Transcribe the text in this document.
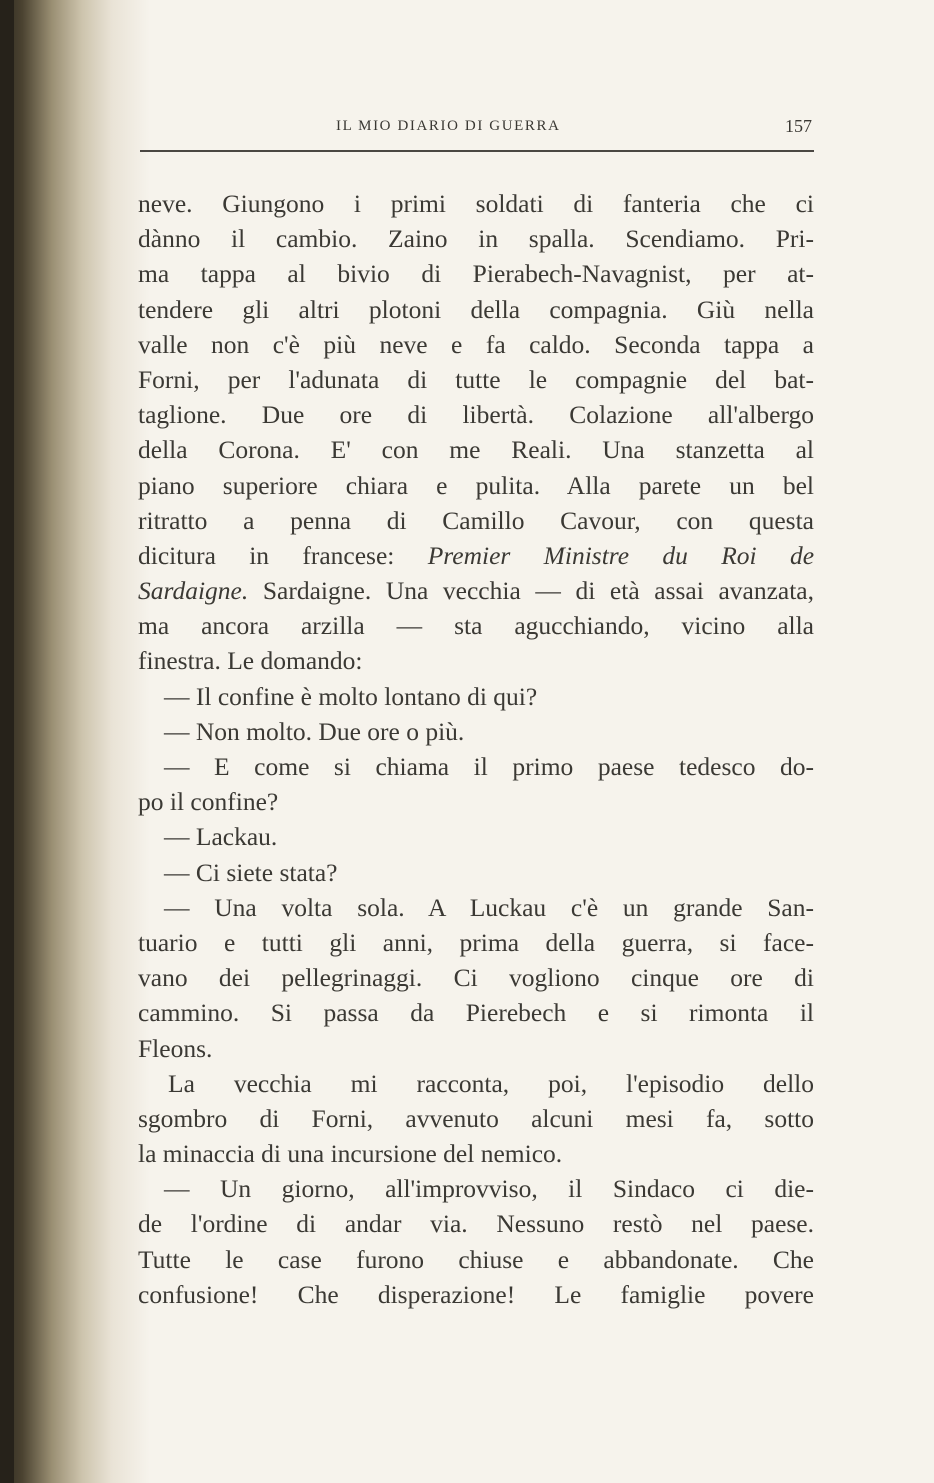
IL MIO DIARIO DI GUERRA	157
neve. Giungono i primi soldati di fanteria che ci
dànno il cambio. Zaino in spalla. Scendiamo. Pri-
ma tappa al bivio di Pierabech-Navagnist, per at-
tendere gli altri plotoni della compagnia. Giù nella
valle non c'è più neve e fa caldo. Seconda tappa a
Forni, per l'adunata di tutte le compagnie del bat-
taglione. Due ore di libertà. Colazione all'albergo
della Corona. E' con me Reali. Una stanzetta al
piano superiore chiara e pulita. Alla parete un bel
ritratto a penna di Camillo Cavour, con questa
dicitura in francese: Premier Ministre du Roi de
Sardaigne. Sardaigne. Una vecchia — di età assai avanzata,
ma ancora arzilla — sta agucchiando, vicino alla
finestra. Le domando:
— Il confine è molto lontano di qui?
— Non molto. Due ore o più.
— E come si chiama il primo paese tedesco do-
po il confine?
— Lackau.
— Ci siete stata?
— Una volta sola. A Luckau c'è un grande San-
tuario e tutti gli anni, prima della guerra, si face-
vano dei pellegrinaggi. Ci vogliono cinque ore di
cammino. Si passa da Pierebech e si rimonta il
Fleons.
La vecchia mi racconta, poi, l'episodio dello
sgombro di Forni, avvenuto alcuni mesi fa, sotto
la minaccia di una incursione del nemico.
— Un giorno, all'improvviso, il Sindaco ci die-
de l'ordine di andar via. Nessuno restò nel paese.
Tutte le case furono chiuse e abbandonate. Che
confusione! Che disperazione! Le famiglie povere
